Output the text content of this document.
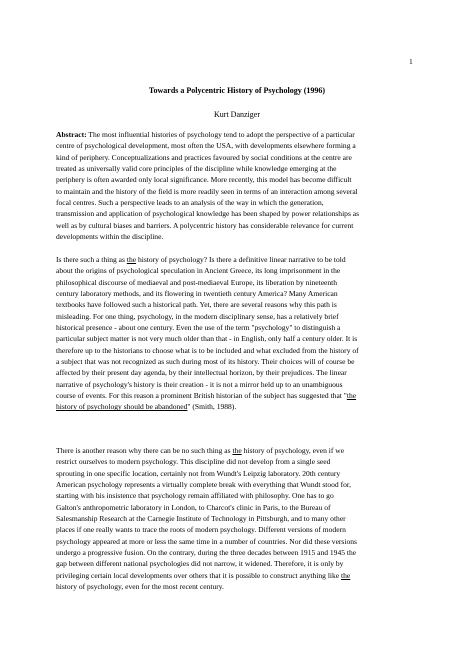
1
Towards a Polycentric History of Psychology (1996)
Kurt Danziger
Abstract: The most influential histories of psychology tend to adopt the perspective of a particular
centre of psychological development, most often the USA, with developments elsewhere forming a
kind of periphery. Conceptualizations and practices favoured by social conditions at the centre are
treated as universally valid core principles of the discipline while knowledge emerging at the
periphery is often awarded only local significance. More recently, this model has become difficult
to maintain and the history of the field is more readily seen in terms of an interaction among several
focal centres. Such a perspective leads to an analysis of the way in which the generation,
transmission and application of psychological knowledge has been shaped by power relationships as
well as by cultural biases and barriers. A polycentric history has considerable relevance for current
developments within the discipline.
Is there such a thing as the history of psychology? Is there a definitive linear narrative to be told
about the origins of psychological speculation in Ancient Greece, its long imprisonment in the
philosophical discourse of mediaeval and post-mediaeval Europe, its liberation by nineteenth
century laboratory methods, and its flowering in twentieth century America? Many American
textbooks have followed such a historical path. Yet, there are several reasons why this path is
misleading. For one thing, psychology, in the modern disciplinary sense, has a relatively brief
historical presence - about one century. Even the use of the term "psychology" to distinguish a
particular subject matter is not very much older than that - in English, only half a century older. It is
therefore up to the historians to choose what is to be included and what excluded from the history of
a subject that was not recognized as such during most of its history. Their choices will of course be
affected by their present day agenda, by their intellectual horizon, by their prejudices. The linear
narrative of psychology's history is their creation - it is not a mirror held up to an unambiguous
course of events. For this reason a prominent British historian of the subject has suggested that "the
history of psychology should be abandoned" (Smith, 1988).
There is another reason why there can be no such thing as the history of psychology, even if we
restrict ourselves to modern psychology. This discipline did not develop from a single seed
sprouting in one specific location, certainly not from Wundt's Leipzig laboratory. 20th century
American psychology represents a virtually complete break with everything that Wundt stood for,
starting with his insistence that psychology remain affiliated with philosophy. One has to go
Galton's anthropometric laboratory in London, to Charcot's clinic in Paris, to the Bureau of
Salesmanship Research at the Carnegie Institute of Technology in Pittsburgh, and to many other
places if one really wants to trace the roots of modern psychology. Different versions of modern
psychology appeared at more or less the same time in a number of countries. Nor did these versions
undergo a progressive fusion. On the contrary, during the three decades between 1915 and 1945 the
gap between different national psychologies did not narrow, it widened. Therefore, it is only by
privileging certain local developments over others that it is possible to construct anything like the
history of psychology, even for the most recent century.
